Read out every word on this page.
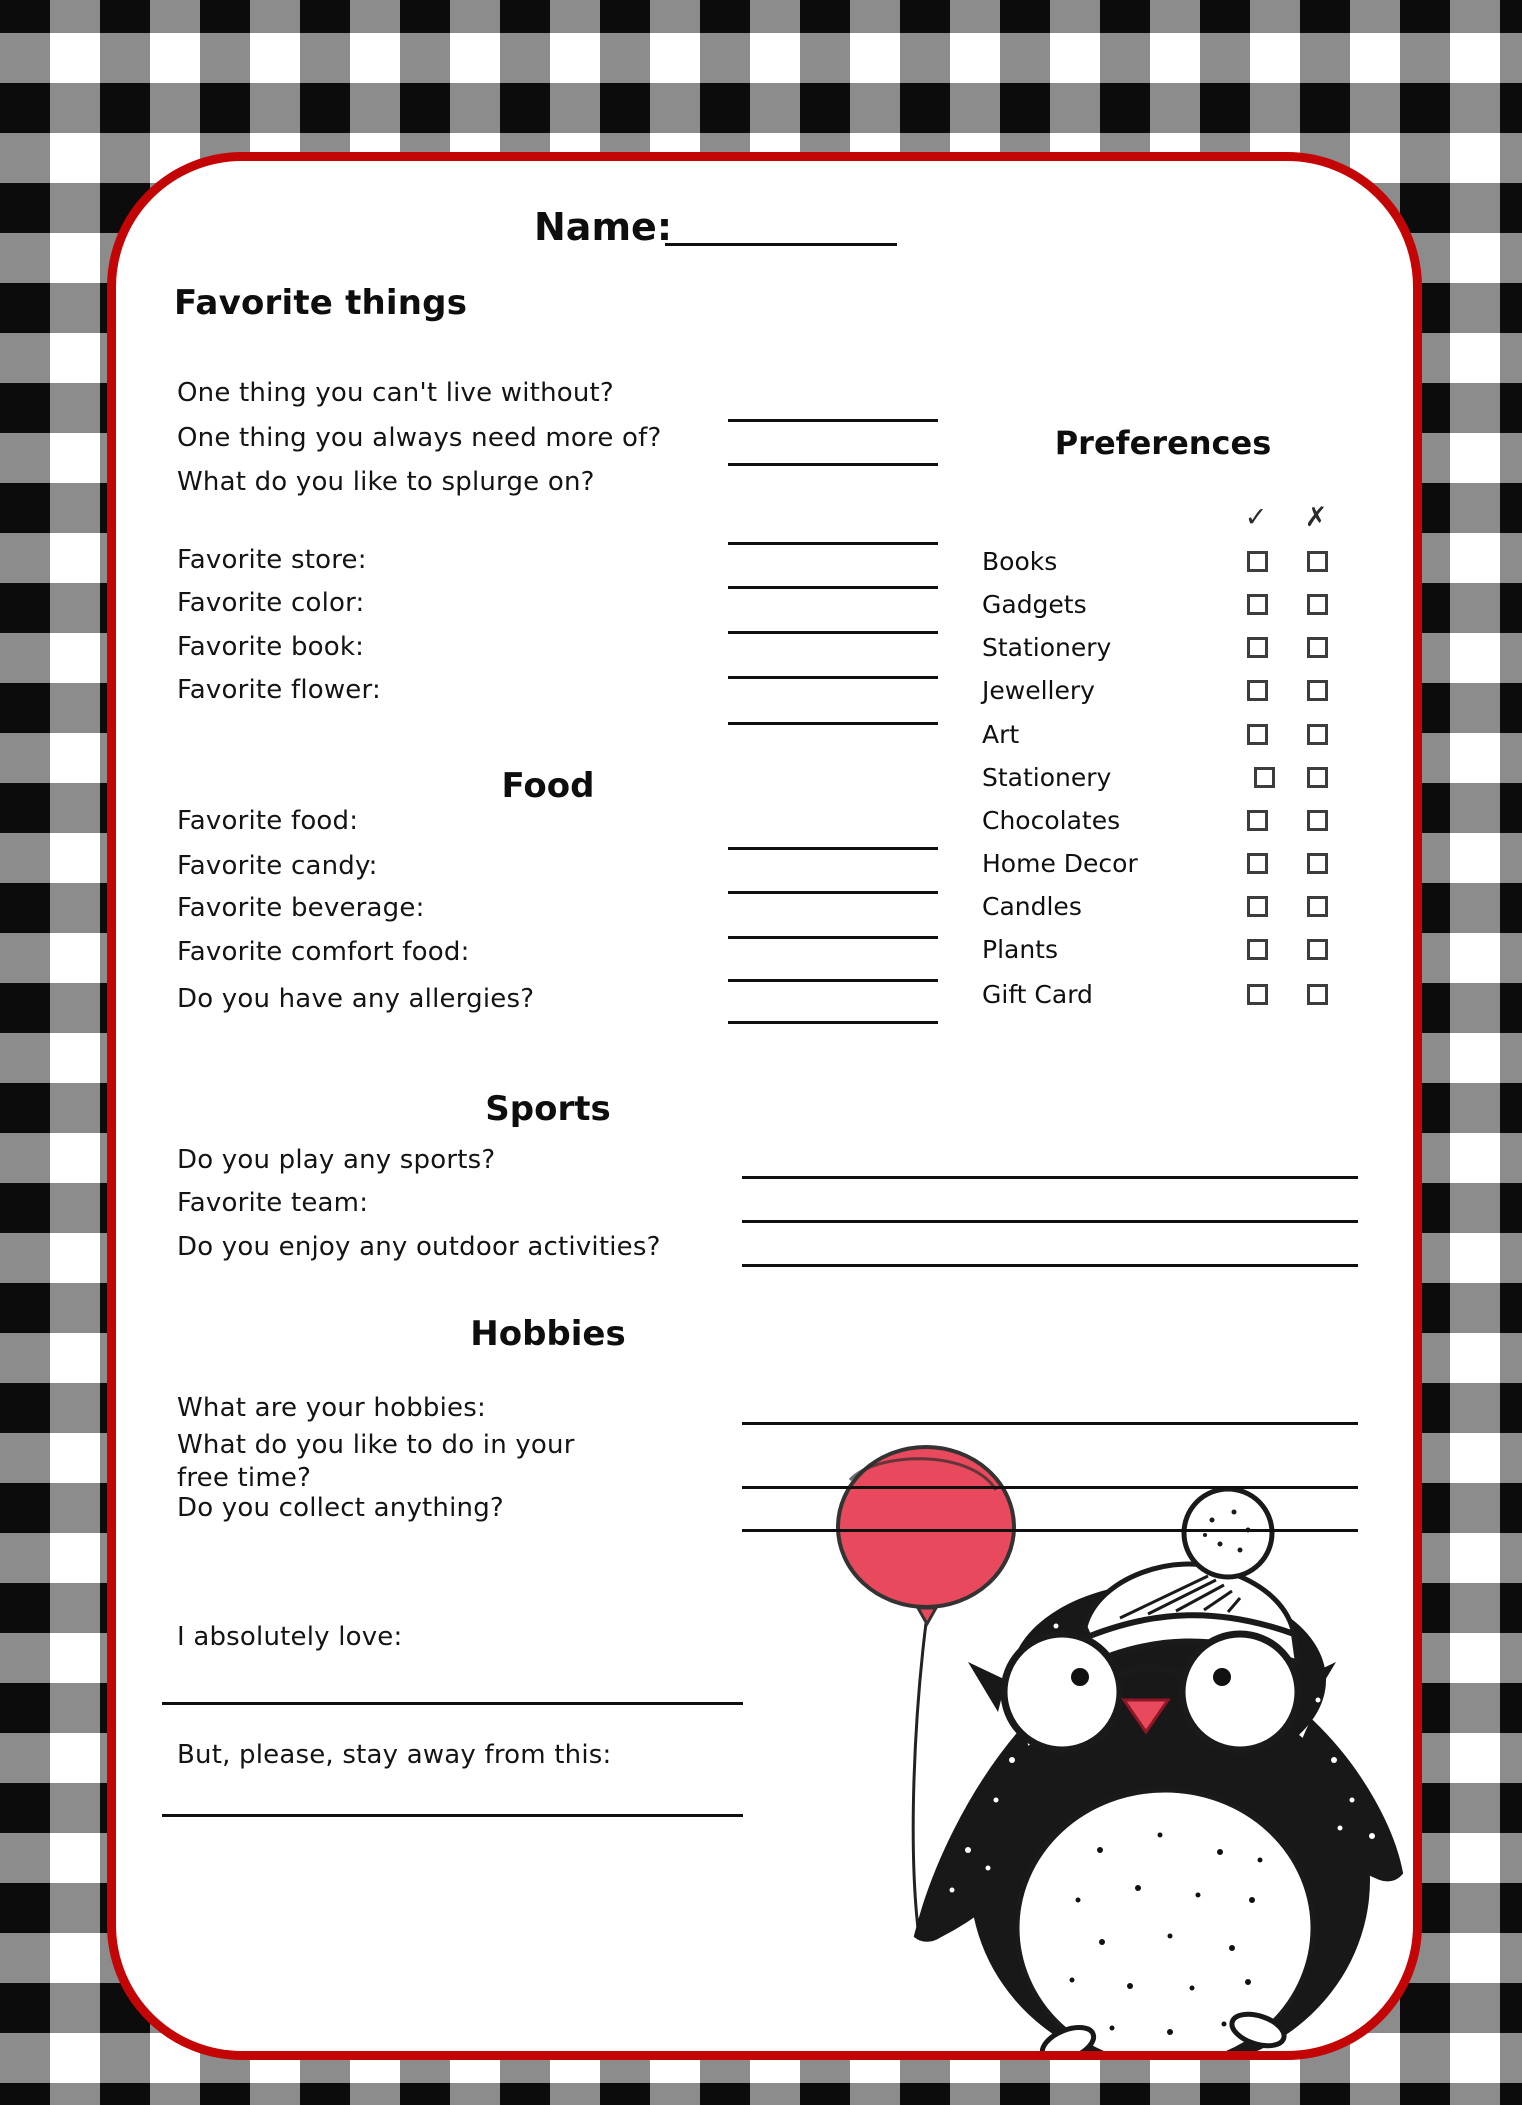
Name:
Favorite things
One thing you can't live without?
One thing you always need more of?
What do you like to splurge on?
Favorite store:
Favorite color:
Favorite book:
Favorite flower:
Food
Favorite food:
Favorite candy:
Favorite beverage:
Favorite comfort food:
Do you have any allergies?
Preferences
✓ ✗
Books
Gadgets
Stationery
Jewellery
Art
Stationery
Chocolates
Home Decor
Candles
Plants
Gift Card
Sports
Do you play any sports?
Favorite team:
Do you enjoy any outdoor activities?
Hobbies
What are your hobbies:
What do you like to do in your free time?
Do you collect anything?
I absolutely love:
But, please, stay away from this:
